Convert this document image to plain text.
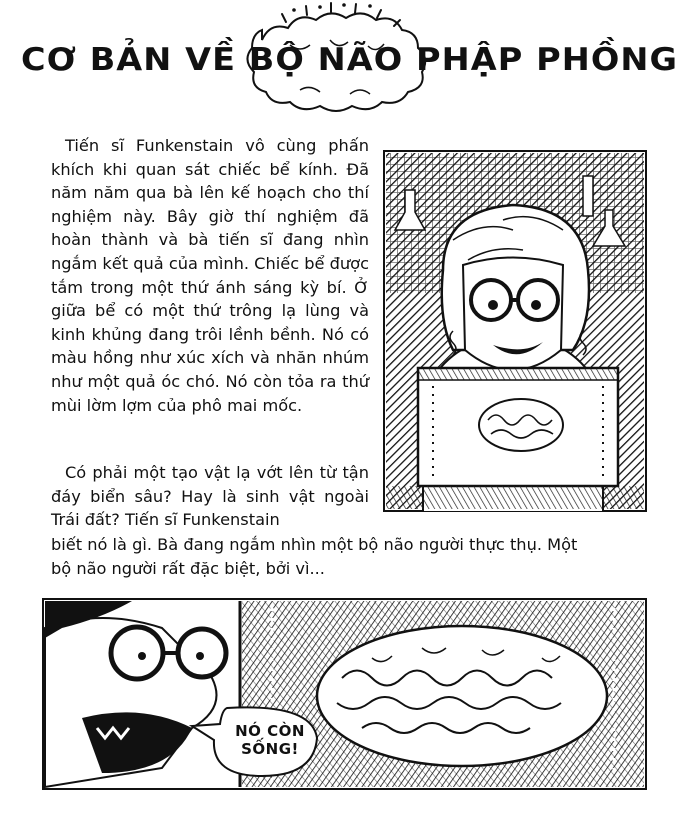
CƠ BẢN VỀ BỘ NÃO PHẬP PHỒNG
Tiến sĩ Funkenstain vô cùng phấn khích khi quan sát chiếc bể kính. Đã năm năm qua bà lên kế hoạch cho thí nghiệm này. Bây giờ thí nghiệm đã hoàn thành và bà tiến sĩ đang nhìn ngắm kết quả của mình. Chiếc bể được tắm trong một thứ ánh sáng kỳ bí. Ở giữa bể có một thứ trông lạ lùng và kinh khủng đang trôi lềnh bềnh. Nó có màu hồng như xúc xích và nhăn nhúm như một quả óc chó. Nó còn tỏa ra thứ mùi lờm lợm của phô mai mốc.
Có phải một tạo vật lạ vớt lên từ tận đáy biển sâu? Hay là sinh vật ngoài Trái đất? Tiến sĩ Funkenstain
biết nó là gì. Bà đang ngắm nhìn một bộ não người thực thụ. Một
bộ não người rất đặc biệt, bởi vì...
NÓ CÒN
SỐNG!
